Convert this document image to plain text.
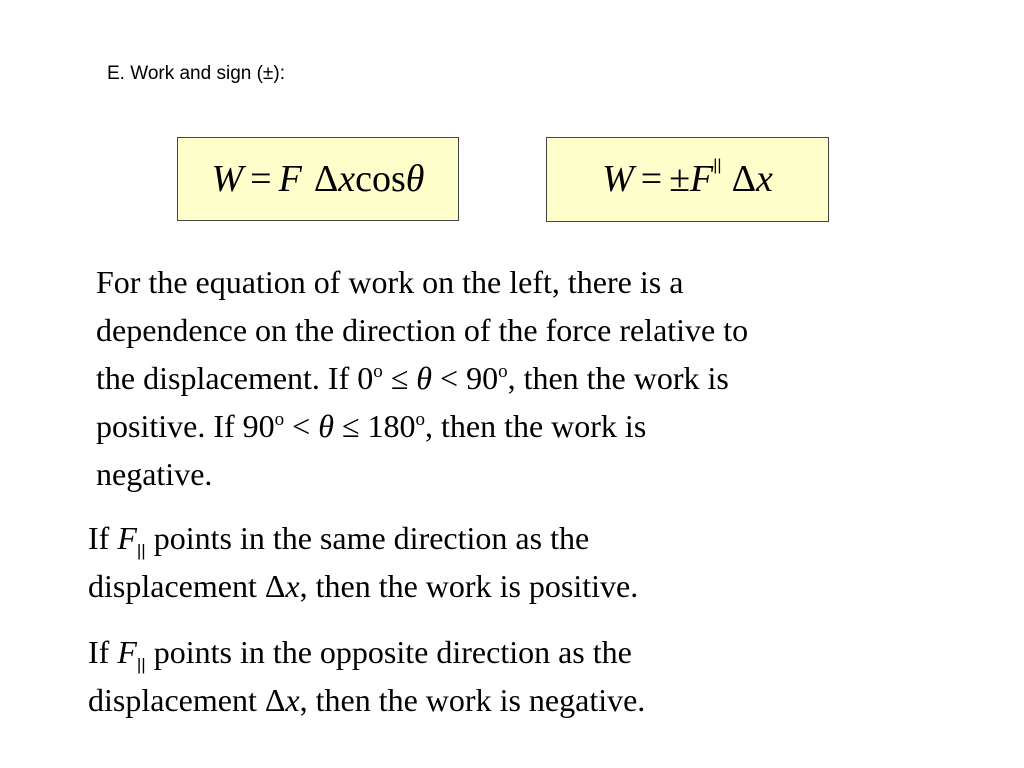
E. Work and sign (±):
W = F Δ x cos θ	W = ± F || Δ x
For the equation of work on the left, there is a
dependence on the direction of the force relative to
the displacement. If $0^o \le \theta < 90^o$, then the work is
positive. If $90^o < \theta \le 180^o$, then the work is
negative.
If $F_{||}$ points in the same direction as the
displacement Δx, then the work is positive.
If $F_{||}$ points in the opposite direction as the
displacement Δx, then the work is negative.
